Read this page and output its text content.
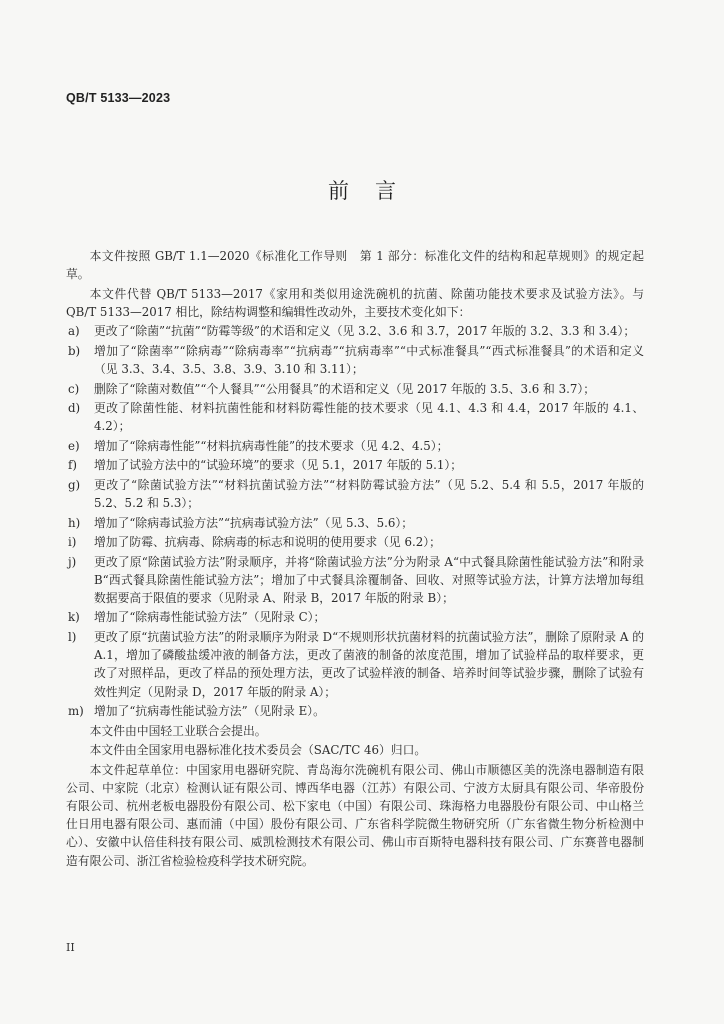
QB/T 5133—2023
前言

本文件按照 GB/T 1.1—2020《标准化工作导则　第 1 部分：标准化文件的结构和起草规则》的规定起草。

本文件代替 QB/T 5133—2017《家用和类似用途洗碗机的抗菌、除菌功能技术要求及试验方法》。与 QB/T 5133—2017 相比，除结构调整和编辑性改动外，主要技术变化如下：

a)	更改了“除菌”“抗菌”“防霉等级”的术语和定义（见 3.2、3.6 和 3.7，2017 年版的 3.2、3.3 和 3.4）；
b)	增加了“除菌率”“除病毒”“除病毒率”“抗病毒”“抗病毒率”“中式标准餐具”“西式标准餐具”的术语和定义（见 3.3、3.4、3.5、3.8、3.9、3.10 和 3.11）；
c)	删除了“除菌对数值”“个人餐具”“公用餐具”的术语和定义（见 2017 年版的 3.5、3.6 和 3.7）；
d)	更改了除菌性能、材料抗菌性能和材料防霉性能的技术要求（见 4.1、4.3 和 4.4，2017 年版的 4.1、4.2）；
e)	增加了“除病毒性能”“材料抗病毒性能”的技术要求（见 4.2、4.5）；
f)	增加了试验方法中的“试验环境”的要求（见 5.1，2017 年版的 5.1）；
g)	更改了“除菌试验方法”“材料抗菌试验方法”“材料防霉试验方法”（见 5.2、5.4 和 5.5，2017 年版的 5.2、5.2 和 5.3）；
h)	增加了“除病毒试验方法”“抗病毒试验方法”（见 5.3、5.6）；
i)	增加了防霉、抗病毒、除病毒的标志和说明的使用要求（见 6.2）；
j)	更改了原“除菌试验方法”附录顺序，并将“除菌试验方法”分为附录 A“中式餐具除菌性能试验方法”和附录 B“西式餐具除菌性能试验方法”；增加了中式餐具涂覆制备、回收、对照等试验方法，计算方法增加每组数据要高于限值的要求（见附录 A、附录 B，2017 年版的附录 B）；
k)	增加了“除病毒性能试验方法”（见附录 C）；
l)	更改了原“抗菌试验方法”的附录顺序为附录 D“不规则形状抗菌材料的抗菌试验方法”，删除了原附录 A 的 A.1，增加了磷酸盐缓冲液的制备方法，更改了菌液的制备的浓度范围，增加了试验样品的取样要求，更改了对照样品，更改了样品的预处理方法，更改了试验样液的制备、培养时间等试验步骤，删除了试验有效性判定（见附录 D，2017 年版的附录 A）；
m) 增加了“抗病毒性能试验方法”（见附录 E）。

本文件由中国轻工业联合会提出。

本文件由全国家用电器标准化技术委员会（SAC/TC 46）归口。

本文件起草单位：中国家用电器研究院、青岛海尔洗碗机有限公司、佛山市顺德区美的洗涤电器制造有限公司、中家院（北京）检测认证有限公司、博西华电器（江苏）有限公司、宁波方太厨具有限公司、华帝股份有限公司、杭州老板电器股份有限公司、松下家电（中国）有限公司、珠海格力电器股份有限公司、中山格兰仕日用电器有限公司、惠而浦（中国）股份有限公司、广东省科学院微生物研究所（广东省微生物分析检测中心）、安徽中认倍佳科技有限公司、威凯检测技术有限公司、佛山市百斯特电器科技有限公司、广东赛普电器制造有限公司、浙江省检验检疫科学技术研究院。

II
